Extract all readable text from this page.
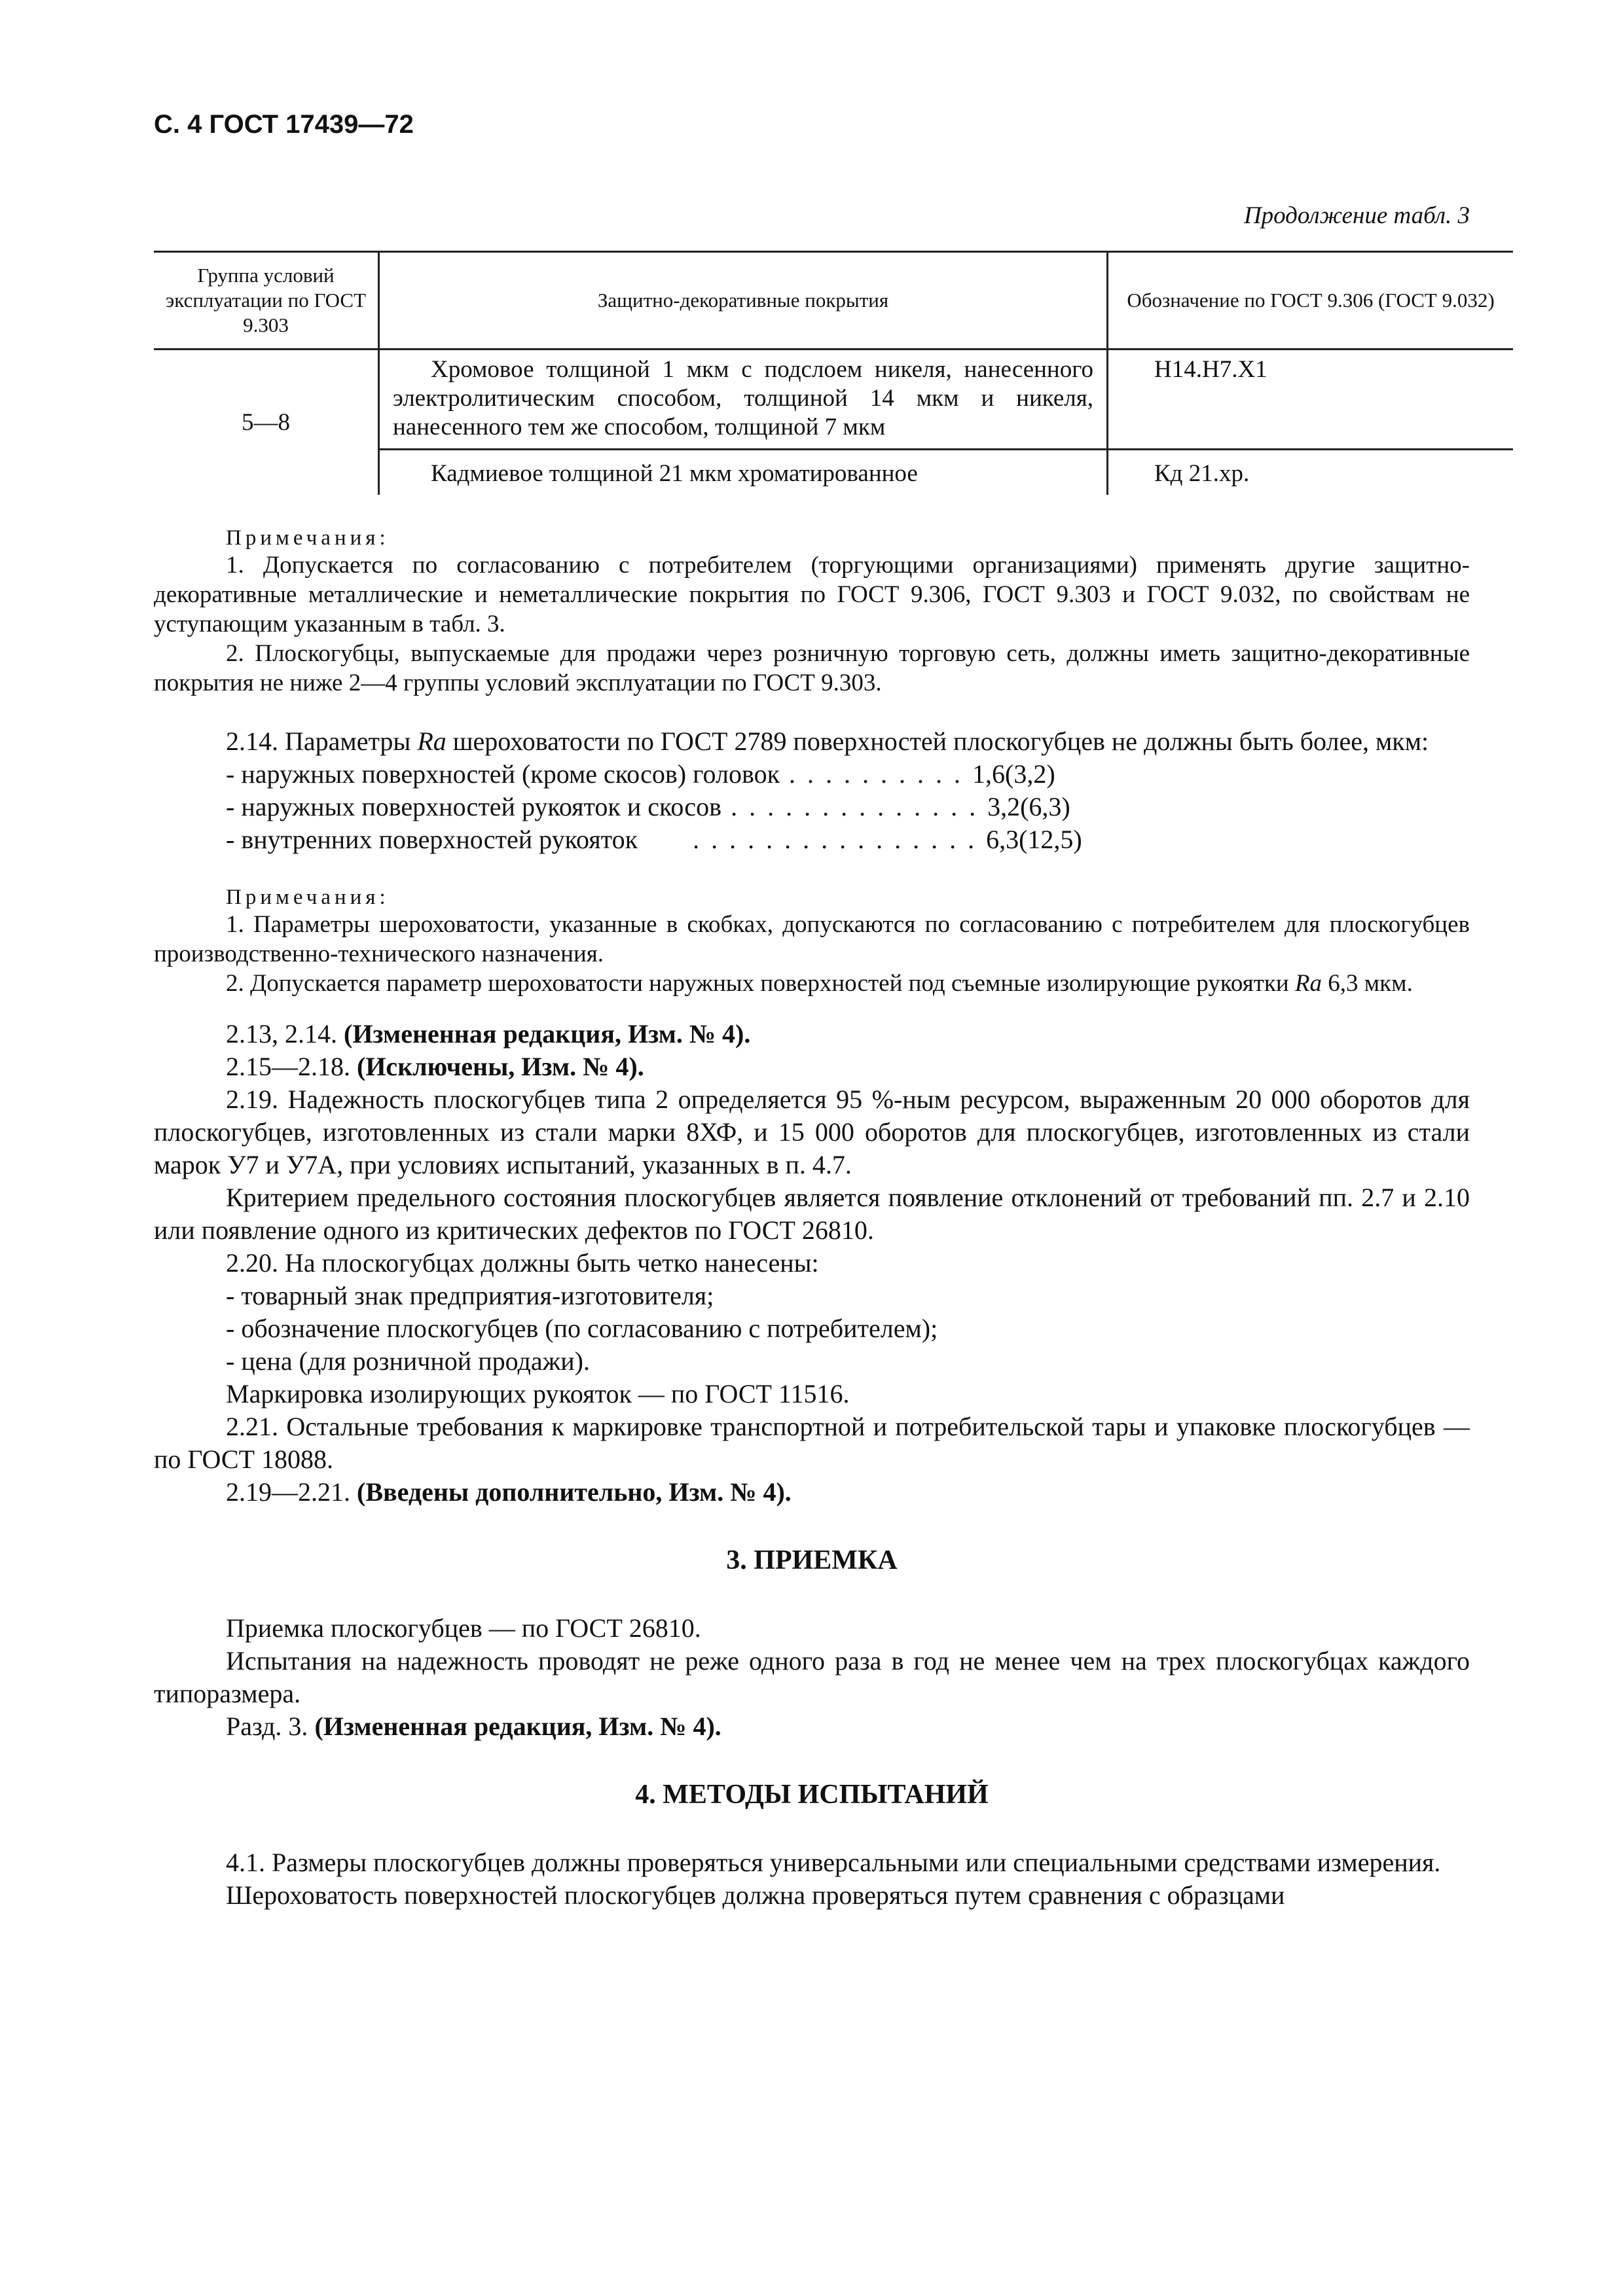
С. 4 ГОСТ 17439—72

Продолжение табл. 3

Группа условий эксплуатации по ГОСТ 9.303	Защитно-декоративные покрытия	Обозначение по ГОСТ 9.306 (ГОСТ 9.032)
5—8	Хромовое толщиной 1 мкм с подслоем никеля, нанесенного электролитическим способом, толщиной 14 мкм и никеля, нанесенного тем же способом, толщиной 7 мкм	Н14.Н7.Х1
	Кадмиевое толщиной 21 мкм хроматированное	Кд 21.хр.

Примечания:

1. Допускается по согласованию с потребителем (торгующими организациями) применять другие защитно-декоративные металлические и неметаллические покрытия по ГОСТ 9.306, ГОСТ 9.303 и ГОСТ 9.032, по свойствам не уступающим указанным в табл. 3.

2. Плоскогубцы, выпускаемые для продажи через розничную торговую сеть, должны иметь защитно-декоративные покрытия не ниже 2—4 группы условий эксплуатации по ГОСТ 9.303.

2.14. Параметры Ra шероховатости по ГОСТ 2789 поверхностей плоскогубцев не должны быть более, мкм:

- наружных поверхностей (кроме скосов) головок . . . . . . . . . . 1,6(3,2)
- наружных поверхностей рукояток и скосов . . . . . . . . . . . . . . 3,2(6,3)
- внутренних поверхностей рукояток . . . . . . . . . . . . . . . . 6,3(12,5)

Примечания:

1. Параметры шероховатости, указанные в скобках, допускаются по согласованию с потребителем для плоскогубцев производственно-технического назначения.

2. Допускается параметр шероховатости наружных поверхностей под съемные изолирующие рукоятки Ra 6,3 мкм.

2.13, 2.14. (Измененная редакция, Изм. № 4).

2.15—2.18. (Исключены, Изм. № 4).

2.19. Надежность плоскогубцев типа 2 определяется 95 %-ным ресурсом, выраженным 20 000 оборотов для плоскогубцев, изготовленных из стали марки 8ХФ, и 15 000 оборотов для плоскогубцев, изготовленных из стали марок У7 и У7А, при условиях испытаний, указанных в п. 4.7.

Критерием предельного состояния плоскогубцев является появление отклонений от требований пп. 2.7 и 2.10 или появление одного из критических дефектов по ГОСТ 26810.

2.20. На плоскогубцах должны быть четко нанесены:

- товарный знак предприятия-изготовителя;

- обозначение плоскогубцев (по согласованию с потребителем);

- цена (для розничной продажи).

Маркировка изолирующих рукояток — по ГОСТ 11516.

2.21. Остальные требования к маркировке транспортной и потребительской тары и упаковке плоскогубцев — по ГОСТ 18088.

2.19—2.21. (Введены дополнительно, Изм. № 4).

3. ПРИЕМКА

Приемка плоскогубцев — по ГОСТ 26810.

Испытания на надежность проводят не реже одного раза в год не менее чем на трех плоскогубцах каждого типоразмера.

Разд. 3. (Измененная редакция, Изм. № 4).

4. МЕТОДЫ ИСПЫТАНИЙ

4.1. Размеры плоскогубцев должны проверяться универсальными или специальными средствами измерения.

Шероховатость поверхностей плоскогубцев должна проверяться путем сравнения с образцами
